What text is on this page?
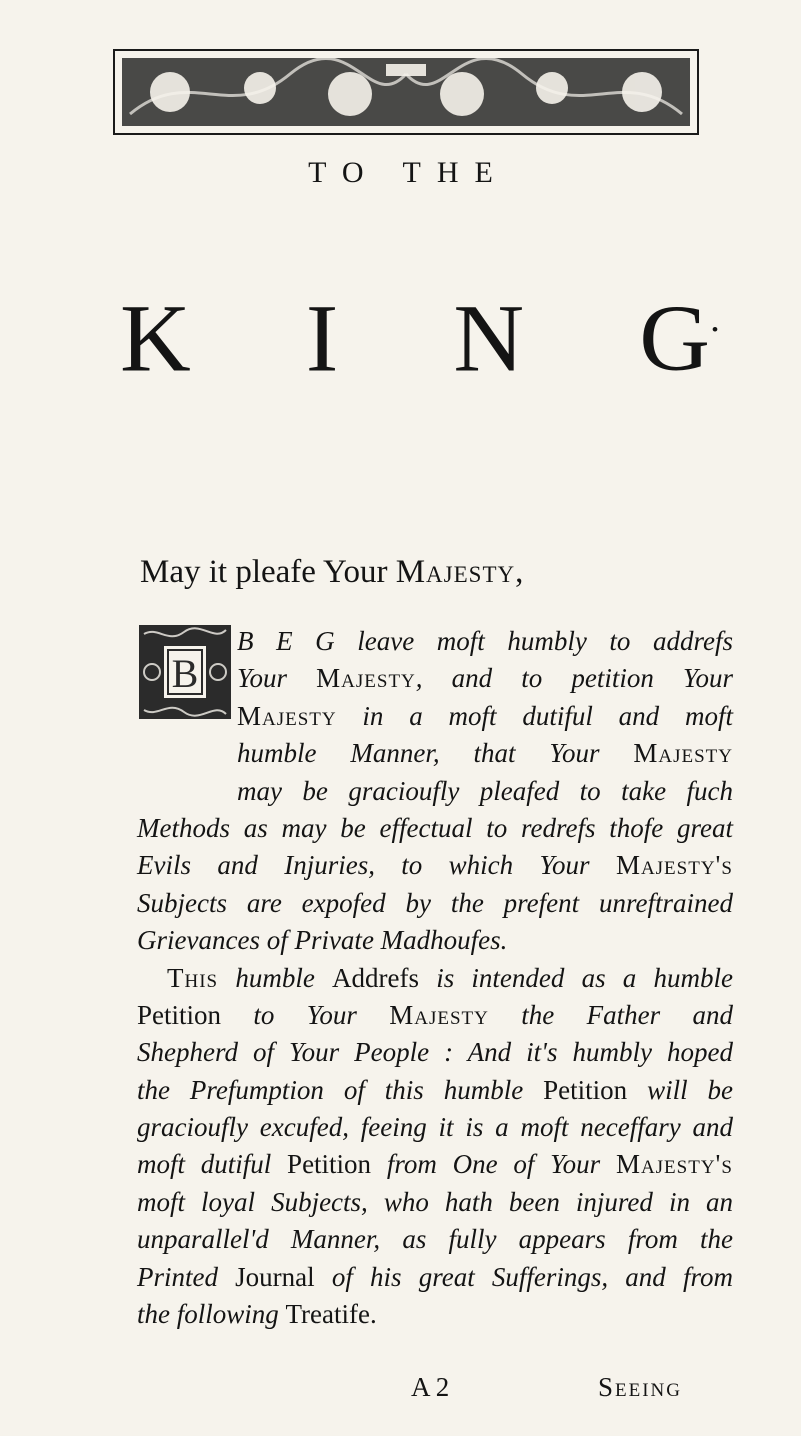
TO THE
K I N G.
May it pleafe Your Majesty,
B
B E G leave moft humbly to addrefs
Your Majesty, and to petition Your
Majesty in a moft dutiful and moft
humble Manner, that Your Majesty
may be gracioufly pleafed to take fuch
Methods as may be effectual to redrefs thofe great
Evils and Injuries, to which Your Majesty's
Subjects are expofed by the prefent unreftrained
Grievances of Private Madhoufes.
This humble Addrefs is intended as a humble
Petition to Your Majesty the Father and
Shepherd of Your People : And it's humbly hoped
the Prefumption of this humble Petition will be
gracioufly excufed, feeing it is a moft neceffary and
moft dutiful Petition from One of Your Majesty's
moft loyal Subjects, who hath been injured in an
unparallel'd Manner, as fully appears from the
Printed Journal of his great Sufferings, and from
the following Treatife.
A 2	Seeing
